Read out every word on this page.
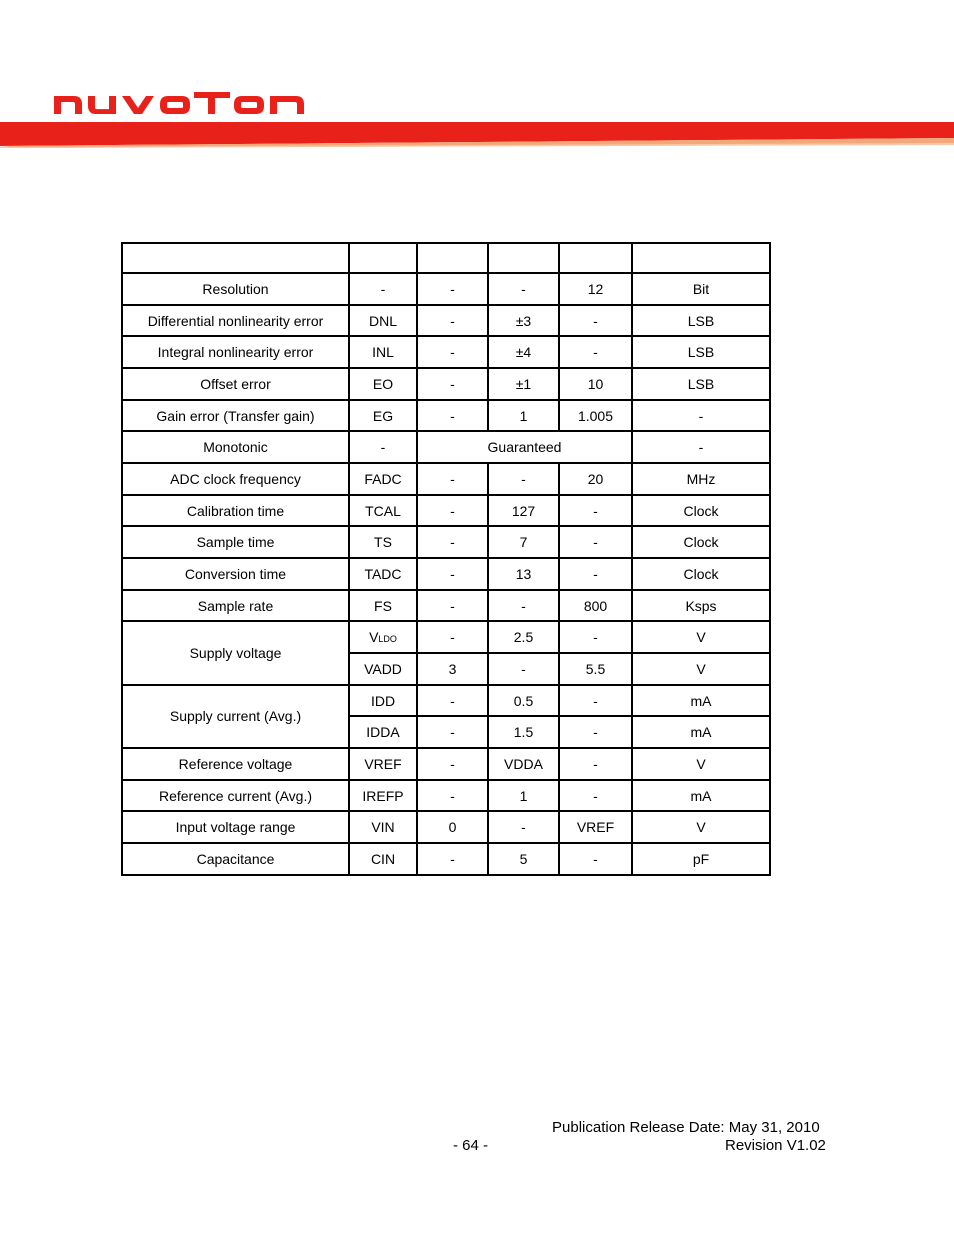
Resolution	-	-	-	12	Bit
Differential nonlinearity error	DNL	-	±3	-	LSB
Integral nonlinearity error	INL	-	±4	-	LSB
Offset error	EO	-	±1	10	LSB
Gain error (Transfer gain)	EG	-	1	1.005	-
Monotonic	-	Guaranteed			-
ADC clock frequency	FADC	-	-	20	MHz
Calibration time	TCAL	-	127	-	Clock
Sample time	TS	-	7	-	Clock
Conversion time	TADC	-	13	-	Clock
Sample rate	FS	-	-	800	Ksps
Supply voltage	VLDO	-	2.5	-	V
	VADD	3	-	5.5	V
Supply current (Avg.)	IDD	-	0.5	-	mA
	IDDA	-	1.5	-	mA
Reference voltage	VREF	-	VDDA	-	V
Reference current (Avg.)	IREFP	-	1	-	mA
Input voltage range	VIN	0	-	VREF	V
Capacitance	CIN	-	5	-	pF
Publication Release Date: May 31, 2010
- 64 -	Revision V1.02
